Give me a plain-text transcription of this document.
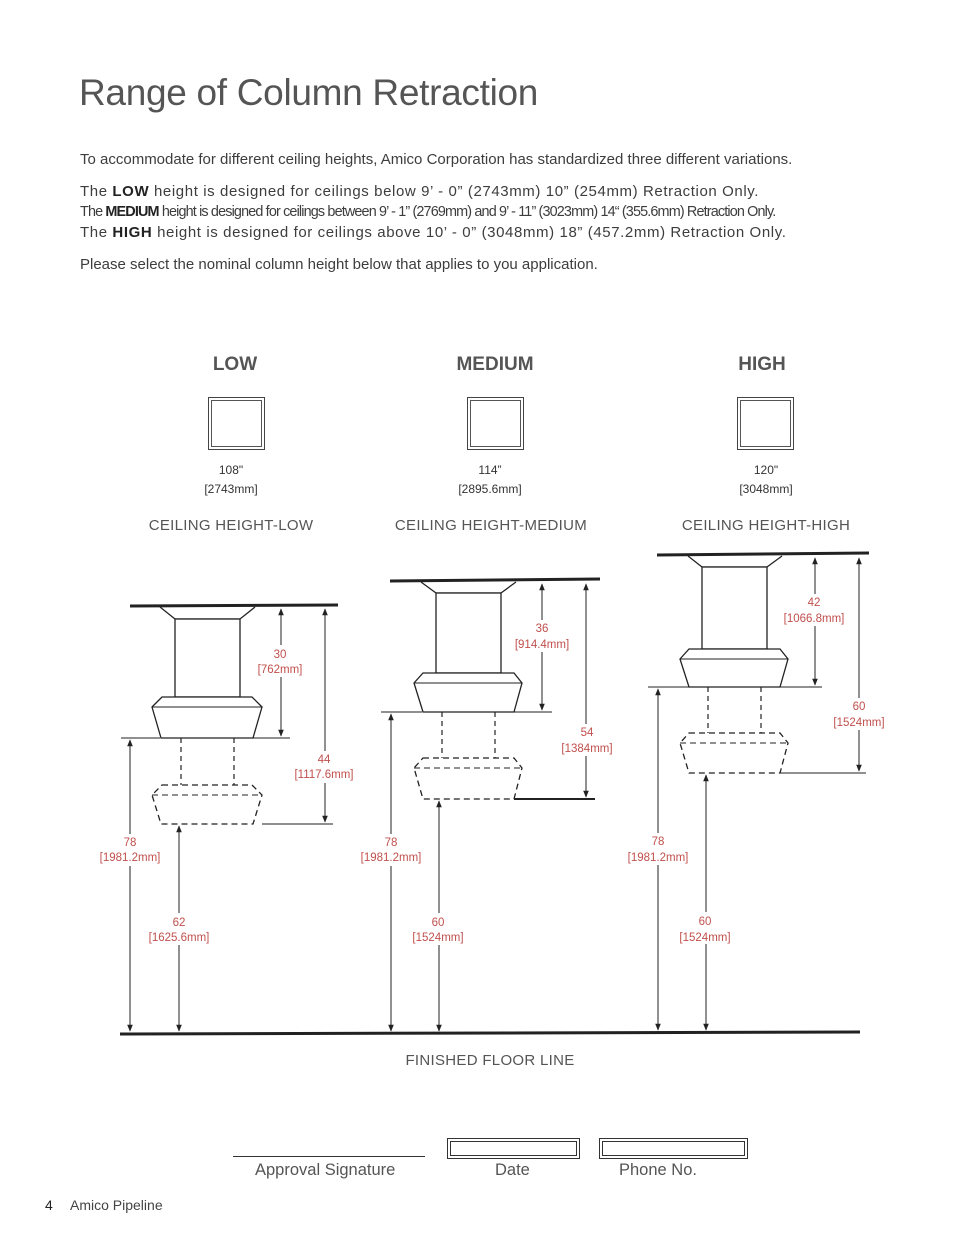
Range of Column Retraction
To accommodate for different ceiling heights, Amico Corporation has standardized three different variations.
The LOW height is designed for ceilings below 9’ - 0” (2743mm) 10” (254mm) Retraction Only.
The MEDIUM height is designed for ceilings between 9’ - 1” (2769mm) and 9’ - 11” (3023mm) 14“ (355.6mm) Retraction Only.
The HIGH height is designed for ceilings above 10’ - 0” (3048mm) 18” (457.2mm) Retraction Only.
Please select the nominal column height below that applies to you application.
LOW	MEDIUM	HIGH
108"
[2743mm]
114”
[2895.6mm]
120"
[3048mm]
CEILING HEIGHT-LOW	CEILING HEIGHT-MEDIUM	CEILING HEIGHT-HIGH
30
[762mm]
44
[1117.6mm]
78
[1981.2mm]
62
[1625.6mm]
36
[914.4mm]
54
[1384mm]
78
[1981.2mm]
60
[1524mm]
42
[1066.8mm]
60
[1524mm]
78
[1981.2mm]
60
[1524mm]
FINISHED FLOOR LINE
Approval Signature	Date	Phone No.
4 Amico Pipeline
